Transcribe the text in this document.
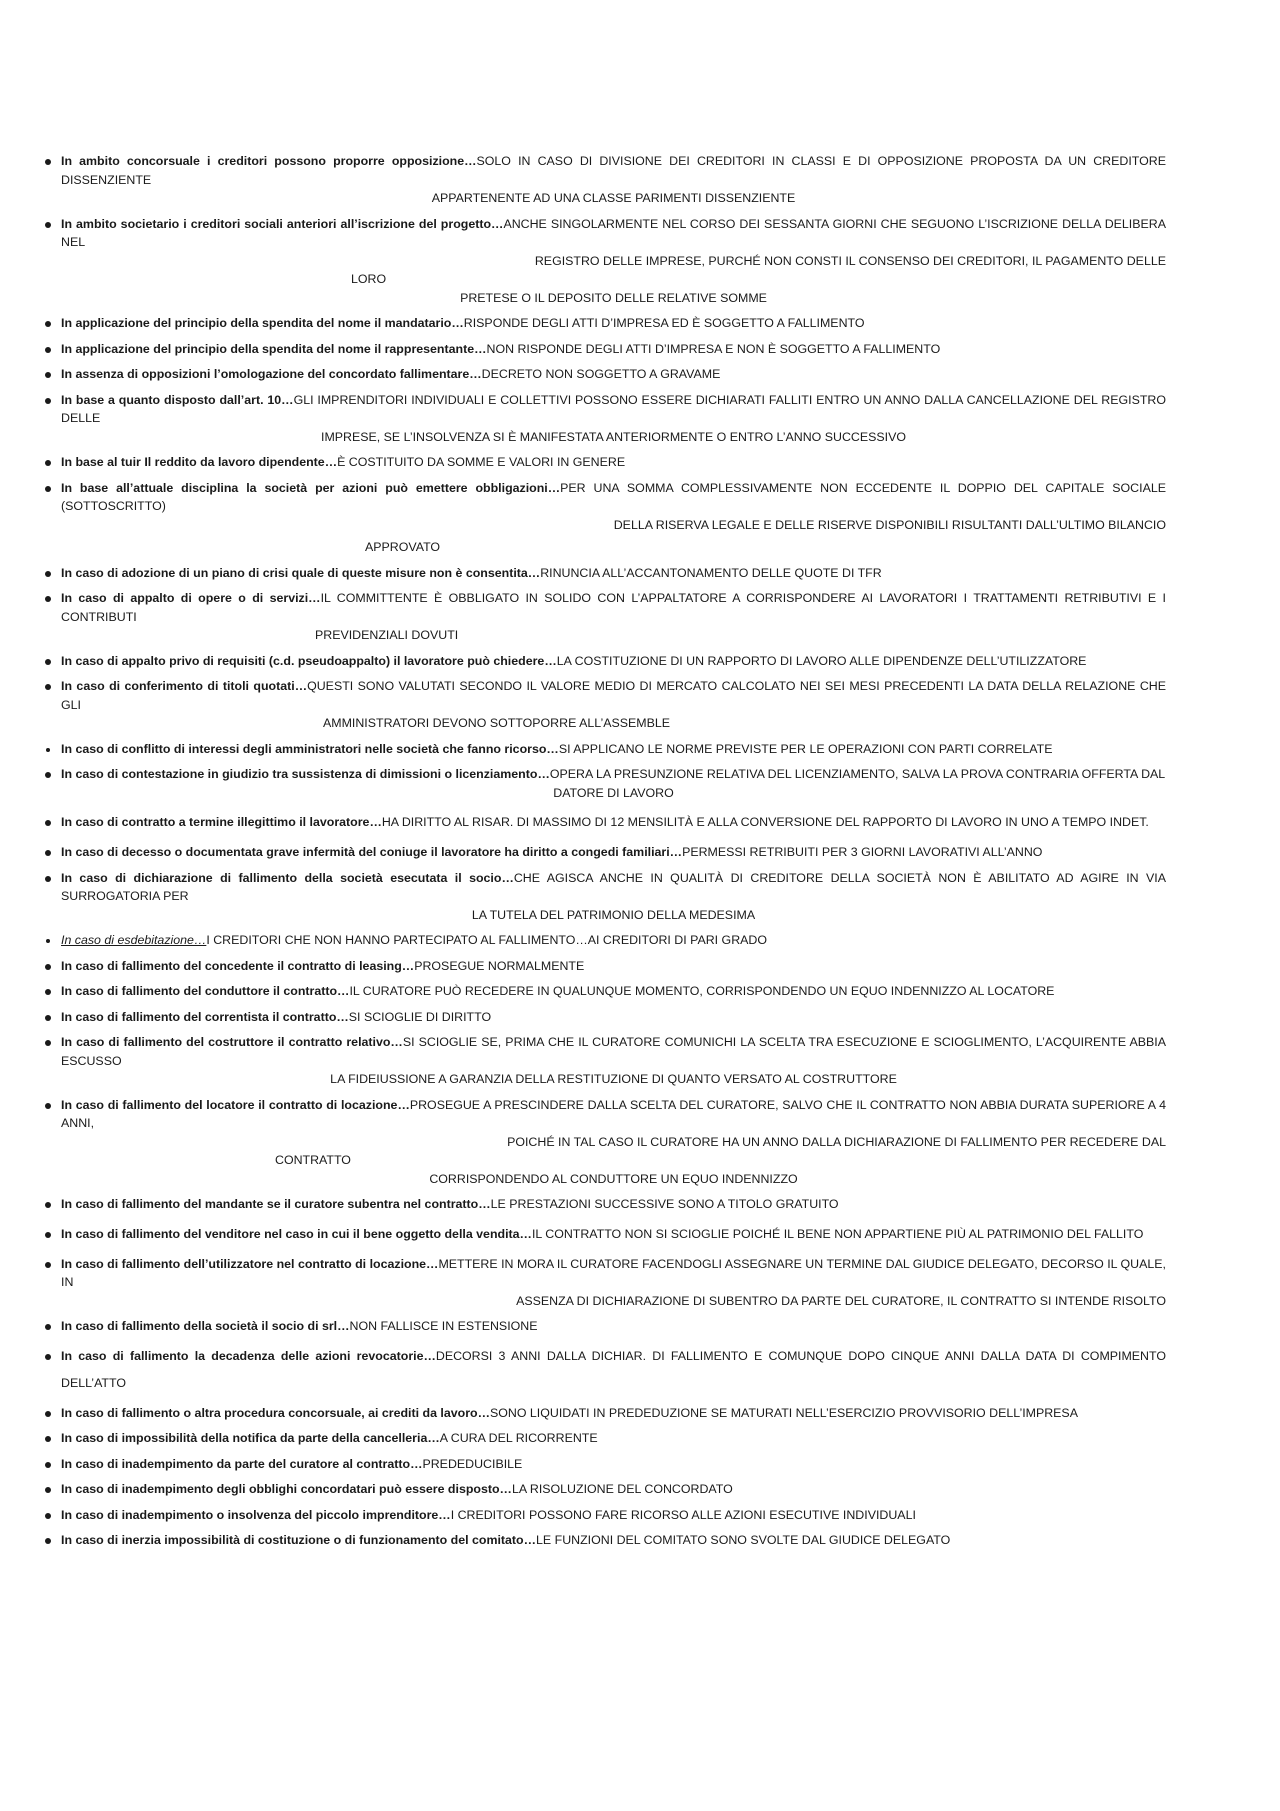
In ambito concorsuale i creditori possono proporre opposizione…SOLO IN CASO DI DIVISIONE DEI CREDITORI IN CLASSI E DI OPPOSIZIONE PROPOSTA DA UN CREDITORE DISSENZIENTE
APPARTENENTE AD UNA CLASSE PARIMENTI DISSENZIENTE
In ambito societario i creditori sociali anteriori all’iscrizione del progetto…ANCHE SINGOLARMENTE NEL CORSO DEI SESSANTA GIORNI CHE SEGUONO L’ISCRIZIONE DELLA DELIBERA NEL
REGISTRO DELLE IMPRESE, PURCHÉ NON CONSTI IL CONSENSO DEI CREDITORI, IL PAGAMENTO DELLE
LORO
PRETESE O IL DEPOSITO DELLE RELATIVE SOMME
In applicazione del principio della spendita del nome il mandatario…RISPONDE DEGLI ATTI D’IMPRESA ED È SOGGETTO A FALLIMENTO
In applicazione del principio della spendita del nome il rappresentante…NON RISPONDE DEGLI ATTI D’IMPRESA E NON È SOGGETTO A FALLIMENTO
In assenza di opposizioni l’omologazione del concordato fallimentare…DECRETO NON SOGGETTO A GRAVAME
In base a quanto disposto dall’art. 10…GLI IMPRENDITORI INDIVIDUALI E COLLETTIVI POSSONO ESSERE DICHIARATI FALLITI ENTRO UN ANNO DALLA CANCELLAZIONE DEL REGISTRO DELLE
IMPRESE, SE L’INSOLVENZA SI È MANIFESTATA ANTERIORMENTE O ENTRO L’ANNO SUCCESSIVO
In base al tuir Il reddito da lavoro dipendente…È COSTITUITO DA SOMME E VALORI IN GENERE
In base all’attuale disciplina la società per azioni può emettere obbligazioni…PER UNA SOMMA COMPLESSIVAMENTE NON ECCEDENTE IL DOPPIO DEL CAPITALE SOCIALE (SOTTOSCRITTO)
DELLA RISERVA LEGALE E DELLE RISERVE DISPONIBILI RISULTANTI DALL’ULTIMO BILANCIO
APPROVATO
In caso di adozione di un piano di crisi quale di queste misure non è consentita…RINUNCIA ALL’ACCANTONAMENTO DELLE QUOTE DI TFR
In caso di appalto di opere o di servizi…IL COMMITTENTE È OBBLIGATO IN SOLIDO CON L’APPALTATORE A CORRISPONDERE AI LAVORATORI I TRATTAMENTI RETRIBUTIVI E I CONTRIBUTI
PREVIDENZIALI DOVUTI
In caso di appalto privo di requisiti (c.d. pseudoappalto) il lavoratore può chiedere…LA COSTITUZIONE DI UN RAPPORTO DI LAVORO ALLE DIPENDENZE DELL’UTILIZZATORE
In caso di conferimento di titoli quotati…QUESTI SONO VALUTATI SECONDO IL VALORE MEDIO DI MERCATO CALCOLATO NEI SEI MESI PRECEDENTI LA DATA DELLA RELAZIONE CHE GLI
AMMINISTRATORI DEVONO SOTTOPORRE ALL’ASSEMBLE
In caso di conflitto di interessi degli amministratori nelle società che fanno ricorso…SI APPLICANO LE NORME PREVISTE PER LE OPERAZIONI CON PARTI CORRELATE
In caso di contestazione in giudizio tra sussistenza di dimissioni o licenziamento…OPERA LA PRESUNZIONE RELATIVA DEL LICENZIAMENTO, SALVA LA PROVA CONTRARIA OFFERTA DAL
DATORE DI LAVORO
In caso di contratto a termine illegittimo il lavoratore…HA DIRITTO AL RISAR. DI MASSIMO DI 12 MENSILITÀ E ALLA CONVERSIONE DEL RAPPORTO DI LAVORO IN UNO A TEMPO INDET.
In caso di decesso o documentata grave infermità del coniuge il lavoratore ha diritto a congedi familiari…PERMESSI RETRIBUITI PER 3 GIORNI LAVORATIVI ALL’ANNO
In caso di dichiarazione di fallimento della società esecutata il socio…CHE AGISCA ANCHE IN QUALITÀ DI CREDITORE DELLA SOCIETÀ NON È ABILITATO AD AGIRE IN VIA SURROGATORIA PER
LA TUTELA DEL PATRIMONIO DELLA MEDESIMA
In caso di esdebitazione…I CREDITORI CHE NON HANNO PARTECIPATO AL FALLIMENTO…AI CREDITORI DI PARI GRADO
In caso di fallimento del concedente il contratto di leasing…PROSEGUE NORMALMENTE
In caso di fallimento del conduttore il contratto…IL CURATORE PUÒ RECEDERE IN QUALUNQUE MOMENTO, CORRISPONDENDO UN EQUO INDENNIZZO AL LOCATORE
In caso di fallimento del correntista il contratto…SI SCIOGLIE DI DIRITTO
In caso di fallimento del costruttore il contratto relativo…SI SCIOGLIE SE, PRIMA CHE IL CURATORE COMUNICHI LA SCELTA TRA ESECUZIONE E SCIOGLIMENTO, L’ACQUIRENTE ABBIA ESCUSSO
LA FIDEIUSSIONE A GARANZIA DELLA RESTITUZIONE DI QUANTO VERSATO AL COSTRUTTORE
In caso di fallimento del locatore il contratto di locazione…PROSEGUE A PRESCINDERE DALLA SCELTA DEL CURATORE, SALVO CHE IL CONTRATTO NON ABBIA DURATA SUPERIORE A 4 ANNI,
POICHÉ IN TAL CASO IL CURATORE HA UN ANNO DALLA DICHIARAZIONE DI FALLIMENTO PER RECEDERE DAL
CONTRATTO
CORRISPONDENDO AL CONDUTTORE UN EQUO INDENNIZZO
In caso di fallimento del mandante se il curatore subentra nel contratto…LE PRESTAZIONI SUCCESSIVE SONO A TITOLO GRATUITO
In caso di fallimento del venditore nel caso in cui il bene oggetto della vendita…IL CONTRATTO NON SI SCIOGLIE POICHÉ IL BENE NON APPARTIENE PIÙ AL PATRIMONIO DEL FALLITO
In caso di fallimento dell’utilizzatore nel contratto di locazione…METTERE IN MORA IL CURATORE FACENDOGLI ASSEGNARE UN TERMINE DAL GIUDICE DELEGATO, DECORSO IL QUALE, IN
ASSENZA DI DICHIARAZIONE DI SUBENTRO DA PARTE DEL CURATORE, IL CONTRATTO SI INTENDE RISOLTO
In caso di fallimento della società il socio di srl…NON FALLISCE IN ESTENSIONE
In caso di fallimento la decadenza delle azioni revocatorie…DECORSI 3 ANNI DALLA DICHIAR. DI FALLIMENTO E COMUNQUE DOPO CINQUE ANNI DALLA DATA DI COMPIMENTO DELL’ATTO
In caso di fallimento o altra procedura concorsuale, ai crediti da lavoro…SONO LIQUIDATI IN PREDEDUZIONE SE MATURATI NELL’ESERCIZIO PROVVISORIO DELL’IMPRESA
In caso di impossibilità della notifica da parte della cancelleria…A CURA DEL RICORRENTE
In caso di inadempimento da parte del curatore al contratto…PREDEDUCIBILE
In caso di inadempimento degli obblighi concordatari può essere disposto…LA RISOLUZIONE DEL CONCORDATO
In caso di inadempimento o insolvenza del piccolo imprenditore…I CREDITORI POSSONO FARE RICORSO ALLE AZIONI ESECUTIVE INDIVIDUALI
In caso di inerzia impossibilità di costituzione o di funzionamento del comitato…LE FUNZIONI DEL COMITATO SONO SVOLTE DAL GIUDICE DELEGATO
